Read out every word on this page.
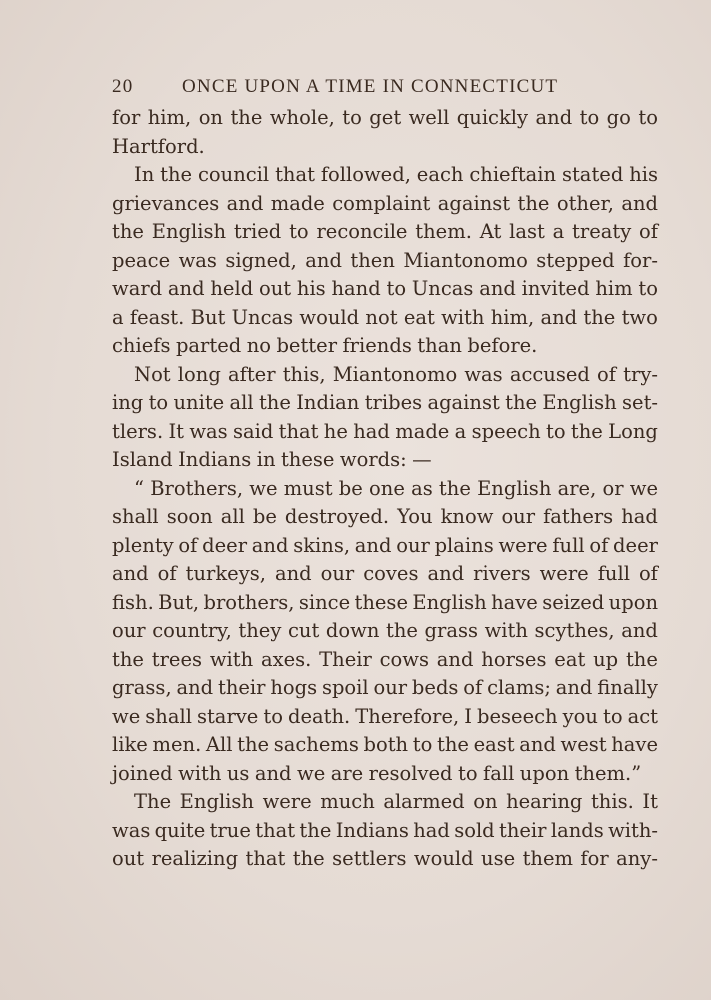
20	ONCE UPON A TIME IN CONNECTICUT
for him, on the whole, to get well quickly and to go to
Hartford.
In the council that followed, each chieftain stated his
grievances and made complaint against the other, and
the English tried to reconcile them. At last a treaty of
peace was signed, and then Miantonomo stepped for-
ward and held out his hand to Uncas and invited him to
a feast. But Uncas would not eat with him, and the two
chiefs parted no better friends than before.
Not long after this, Miantonomo was accused of try-
ing to unite all the Indian tribes against the English set-
tlers. It was said that he had made a speech to the Long
Island Indians in these words: —
“ Brothers, we must be one as the English are, or we
shall soon all be destroyed. You know our fathers had
plenty of deer and skins, and our plains were full of deer
and of turkeys, and our coves and rivers were full of
fish. But, brothers, since these English have seized upon
our country, they cut down the grass with scythes, and
the trees with axes. Their cows and horses eat up the
grass, and their hogs spoil our beds of clams; and finally
we shall starve to death. Therefore, I beseech you to act
like men. All the sachems both to the east and west have
joined with us and we are resolved to fall upon them.”
The English were much alarmed on hearing this. It
was quite true that the Indians had sold their lands with-
out realizing that the settlers would use them for any-
